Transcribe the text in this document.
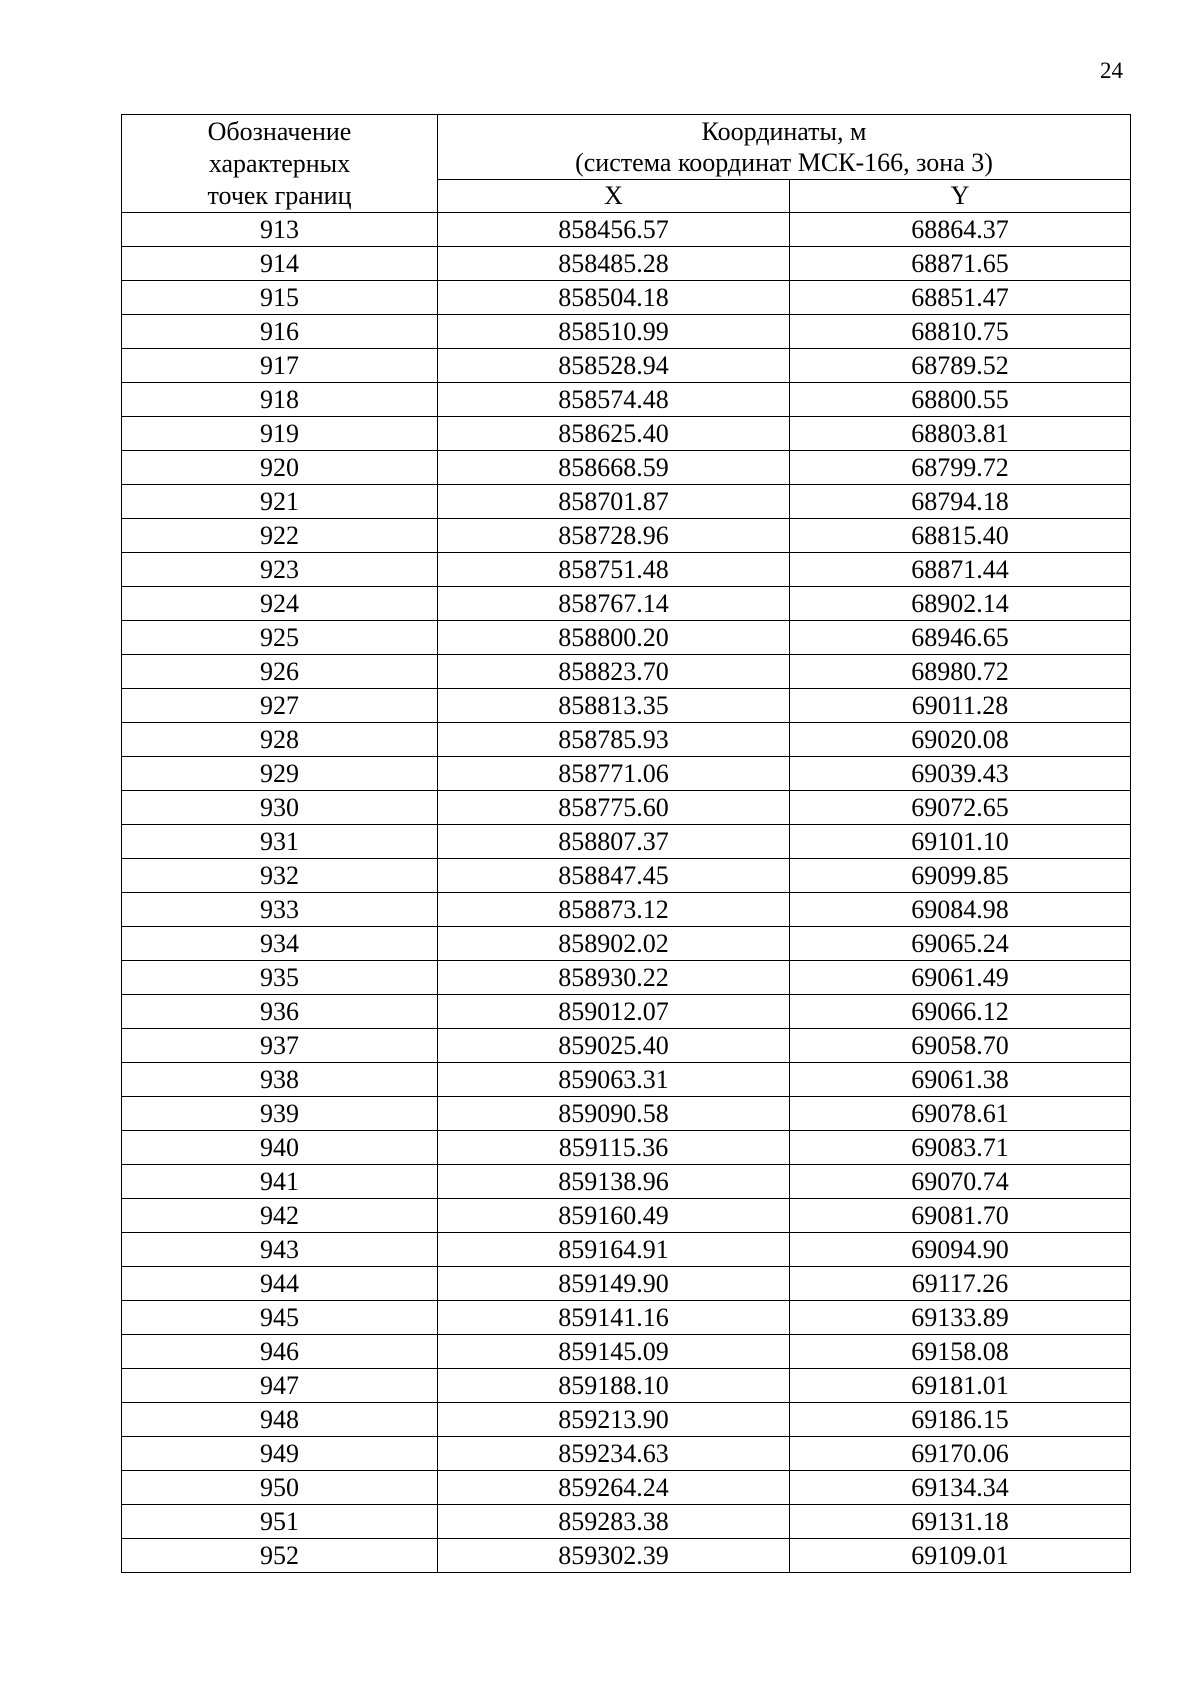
24
Обозначение
характерных
точек границ	Координаты, м
(система координат МСК-166, зона 3)	

	X	Y
913	858456.57	68864.37
914	858485.28	68871.65
915	858504.18	68851.47
916	858510.99	68810.75
917	858528.94	68789.52
918	858574.48	68800.55
919	858625.40	68803.81
920	858668.59	68799.72
921	858701.87	68794.18
922	858728.96	68815.40
923	858751.48	68871.44
924	858767.14	68902.14
925	858800.20	68946.65
926	858823.70	68980.72
927	858813.35	69011.28
928	858785.93	69020.08
929	858771.06	69039.43
930	858775.60	69072.65
931	858807.37	69101.10
932	858847.45	69099.85
933	858873.12	69084.98
934	858902.02	69065.24
935	858930.22	69061.49
936	859012.07	69066.12
937	859025.40	69058.70
938	859063.31	69061.38
939	859090.58	69078.61
940	859115.36	69083.71
941	859138.96	69070.74
942	859160.49	69081.70
943	859164.91	69094.90
944	859149.90	69117.26
945	859141.16	69133.89
946	859145.09	69158.08
947	859188.10	69181.01
948	859213.90	69186.15
949	859234.63	69170.06
950	859264.24	69134.34
951	859283.38	69131.18
952	859302.39	69109.01
